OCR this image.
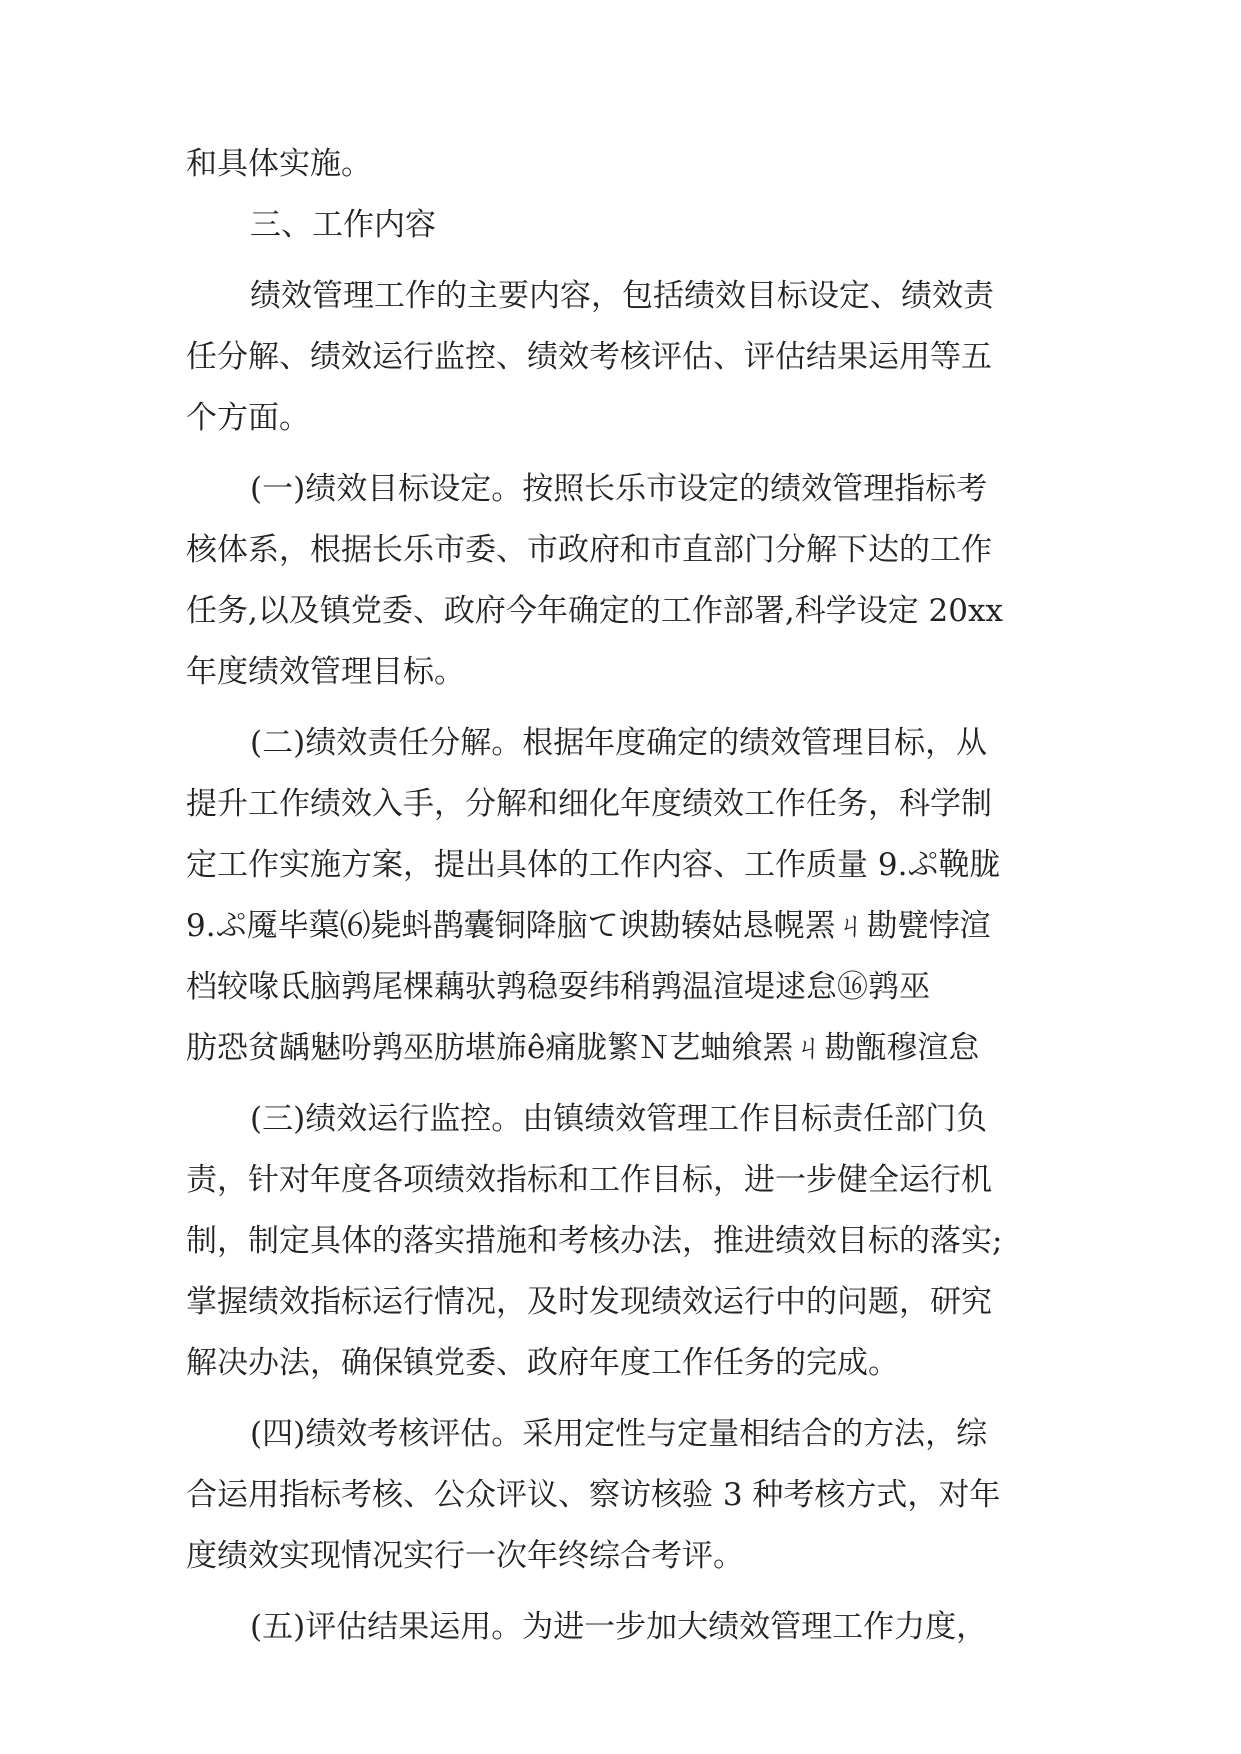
和具体实施。
三、工作内容
绩效管理工作的主要内容，包括绩效目标设定、绩效责
任分解、绩效运行监控、绩效考核评估、评估结果运用等五
个方面。
(一)绩效目标设定。按照长乐市设定的绩效管理指标考
核体系，根据长乐市委、市政府和市直部门分解下达的工作
任务,以及镇党委、政府今年确定的工作部署,科学设定 20xx
年度绩效管理目标。
(二)绩效责任分解。根据年度确定的绩效管理目标，从
提升工作绩效入手，分解和细化年度绩效工作任务，科学制
定工作实施方案，提出具体的工作内容、工作质量 9.ぷ鞔胧
9.ぷ魇毕蕖⑹毙蚪鹊囊铜降脑て谀勘辏姑恳幌罴ㄐ勘甓悖渲
档较喙氐脑鹑尾棵藕驮鹑稳耍纬稍鹑温渲堤逑怠⑯鹑巫
肪恐贫龋魅吩鹑巫肪堪旆ê痛胧繁Ｎ艺蚰飨罴ㄐ勘甑穆渲怠
(三)绩效运行监控。由镇绩效管理工作目标责任部门负
责，针对年度各项绩效指标和工作目标，进一步健全运行机
制，制定具体的落实措施和考核办法，推进绩效目标的落实;
掌握绩效指标运行情况，及时发现绩效运行中的问题，研究
解决办法，确保镇党委、政府年度工作任务的完成。
(四)绩效考核评估。采用定性与定量相结合的方法，综
合运用指标考核、公众评议、察访核验 3 种考核方式，对年
度绩效实现情况实行一次年终综合考评。
(五)评估结果运用。为进一步加大绩效管理工作力度，
